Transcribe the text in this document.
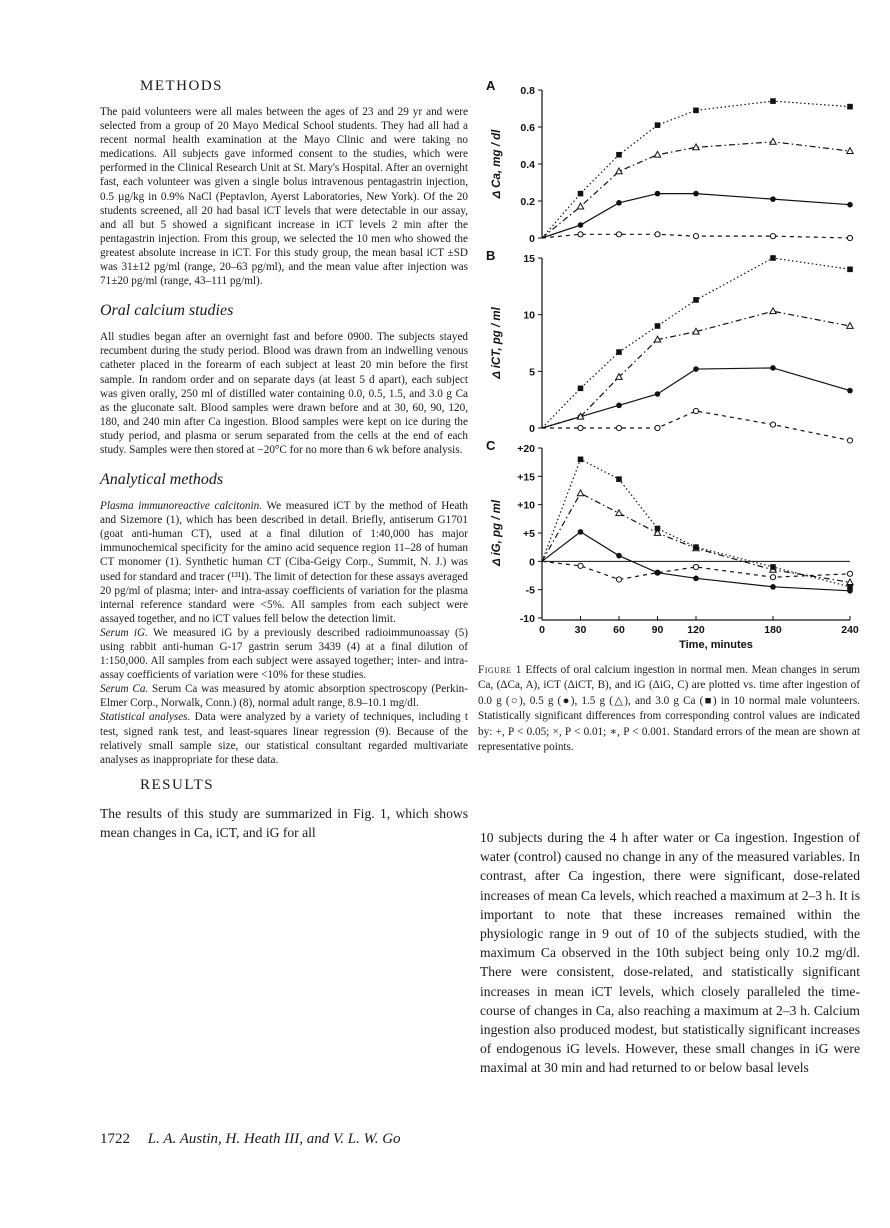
METHODS

The paid volunteers were all males between the ages of 23 and 29 yr and were selected from a group of 20 Mayo Medical School students. They had all had a recent normal health examination at the Mayo Clinic and were taking no medications. All subjects gave informed consent to the studies, which were performed in the Clinical Research Unit at St. Mary's Hospital. After an overnight fast, each volunteer was given a single bolus intravenous pentagastrin injection, 0.5 µg/kg in 0.9% NaCl (Peptavlon, Ayerst Laboratories, New York). Of the 20 students screened, all 20 had basal iCT levels that were detectable in our assay, and all but 5 showed a significant increase in iCT levels 2 min after the pentagastrin injection. From this group, we selected the 10 men who showed the greatest absolute increase in iCT. For this study group, the mean basal iCT ±SD was 31±12 pg/ml (range, 20–63 pg/ml), and the mean value after injection was 71±20 pg/ml (range, 43–111 pg/ml).

Oral calcium studies

All studies began after an overnight fast and before 0900. The subjects stayed recumbent during the study period. Blood was drawn from an indwelling venous catheter placed in the forearm of each subject at least 20 min before the first sample. In random order and on separate days (at least 5 d apart), each subject was given orally, 250 ml of distilled water containing 0.0, 0.5, 1.5, and 3.0 g Ca as the gluconate salt. Blood samples were drawn before and at 30, 60, 90, 120, 180, and 240 min after Ca ingestion. Blood samples were kept on ice during the study period, and plasma or serum separated from the cells at the end of each study. Samples were then stored at −20°C for no more than 6 wk before analysis.

Analytical methods

Plasma immunoreactive calcitonin. We measured iCT by the method of Heath and Sizemore (1), which has been described in detail. Briefly, antiserum G1701 (goat anti-human CT), used at a final dilution of 1:40,000 has major immunochemical specificity for the amino acid sequence region 11–28 of human CT monomer (1). Synthetic human CT (Ciba-Geigy Corp., Summit, N. J.) was used for standard and tracer (¹³¹I). The limit of detection for these assays averaged 20 pg/ml of plasma; inter- and intra-assay coefficients of variation for the plasma internal reference standard were <5%. All samples from each subject were assayed together, and no iCT values fell below the detection limit.

Serum iG. We measured iG by a previously described radioimmunoassay (5) using rabbit anti-human G-17 gastrin serum 3439 (4) at a final dilution of 1:150,000. All samples from each subject were assayed together; inter- and intra-assay coefficients of variation were <10% for these studies.

Serum Ca. Serum Ca was measured by atomic absorption spectroscopy (Perkin-Elmer Corp., Norwalk, Conn.) (8), normal adult range, 8.9–10.1 mg/dl.

Statistical analyses. Data were analyzed by a variety of techniques, including t test, signed rank test, and least-squares linear regression (9). Because of the relatively small sample size, our statistical consultant regarded multivariate analyses as inappropriate for these data.

RESULTS

The results of this study are summarized in Fig. 1, which shows mean changes in Ca, iCT, and iG for all

A
0
0.2
0.4
0.6
0.8
Δ Ca, mg / dl
B
0
5
10
15
Δ iCT, pg / ml
C
-10
-5
0
+5
+10
+15
+20
Δ iG, pg / ml
0	30	60	90 120	180	240
Time, minutes
Figure 1 Effects of oral calcium ingestion in normal men. Mean changes in serum Ca, (ΔCa, A), iCT (ΔiCT, B), and iG (ΔiG, C) are plotted vs. time after ingestion of 0.0 g (○), 0.5 g (●), 1.5 g (△), and 3.0 g Ca (■) in 10 normal male volunteers. Statistically significant differences from corresponding control values are indicated by: +, P < 0.05; ×, P < 0.01; ∗, P < 0.001. Standard errors of the mean are shown at representative points.

10 subjects during the 4 h after water or Ca ingestion. Ingestion of water (control) caused no change in any of the measured variables. In contrast, after Ca ingestion, there were significant, dose-related increases of mean Ca levels, which reached a maximum at 2–3 h. It is important to note that these increases remained within the physiologic range in 9 out of 10 of the subjects studied, with the maximum Ca observed in the 10th subject being only 10.2 mg/dl. There were consistent, dose-related, and statistically significant increases in mean iCT levels, which closely paralleled the time-course of changes in Ca, also reaching a maximum at 2–3 h. Calcium ingestion also produced modest, but statistically significant increases of endogenous iG levels. However, these small changes in iG were maximal at 30 min and had returned to or below basal levels

1722 L. A. Austin, H. Heath III, and V. L. W. Go
